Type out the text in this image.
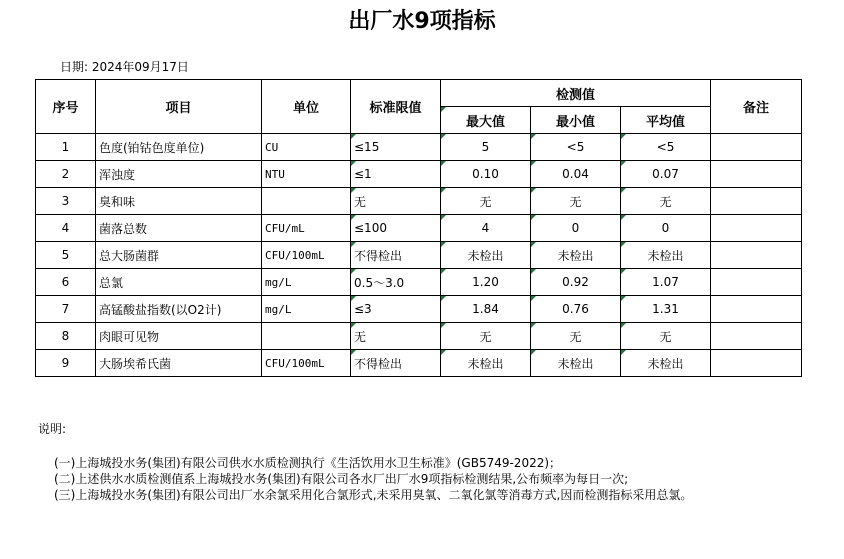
出厂水9项指标
日期: 2024年09月17日
序号	项目	单位	标准限值	检测值			备注
				最大值	最小值	平均值	
1	色度(铂钴色度单位)	CU	≤15	5	<5	<5	
2	浑浊度	NTU	≤1	0.10	0.04	0.07	
3	臭和味		无	无	无	无	
4	菌落总数	CFU/mL	≤100	4	0	0	
5	总大肠菌群	CFU/100mL	不得检出	未检出	未检出	未检出	
6	总氯	mg/L	0.5～3.0	1.20	0.92	1.07	
7	高锰酸盐指数(以O2计)	mg/L	≤3	1.84	0.76	1.31	
8	肉眼可见物		无	无	无	无	
9	大肠埃希氏菌	CFU/100mL	不得检出	未检出	未检出	未检出	
说明:
(一)上海城投水务(集团)有限公司供水水质检测执行《生活饮用水卫生标准》(GB5749-2022)；
(二)上述供水水质检测值系上海城投水务(集团)有限公司各水厂出厂水9项指标检测结果,公布频率为每日一次;
(三)上海城投水务(集团)有限公司出厂水余氯采用化合氯形式,未采用臭氧、二氧化氯等消毒方式,因而检测指标采用总氯。
